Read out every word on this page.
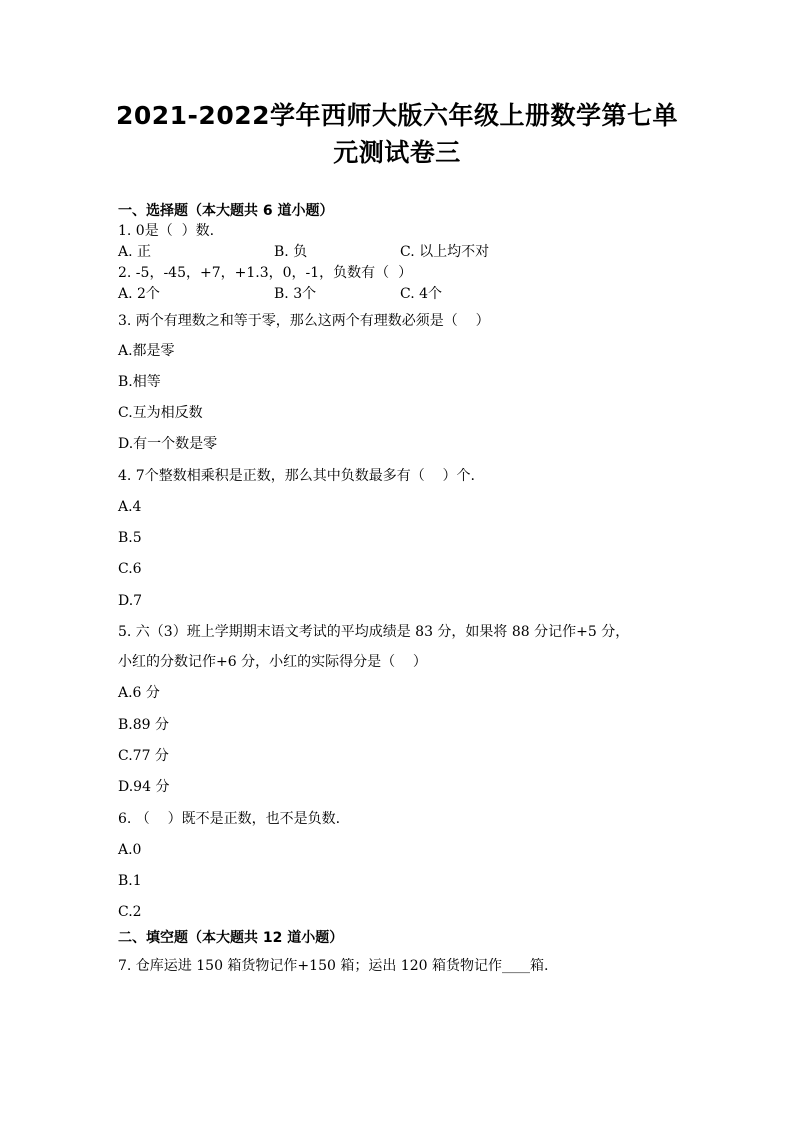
2021-2022学年西师大版六年级上册数学第七单
元测试卷三
一、选择题（本大题共 6 道小题）
1. 0是（  ）数.
A. 正	B. 负	C. 以上均不对
2. -5，-45，+7，+1.3，0，-1，负数有（  ）
A. 2个	B. 3个	C. 4个
3. 两个有理数之和等于零，那么这两个有理数必须是（    ）
A.都是零
B.相等
C.互为相反数
D.有一个数是零
4. 7个整数相乘积是正数，那么其中负数最多有（    ）个.
A.4
B.5
C.6
D.7
5. 六（3）班上学期期末语文考试的平均成绩是 83 分，如果将 88 分记作+5 分，
小红的分数记作+6 分，小红的实际得分是（    ）
A.6 分
B.89 分
C.77 分
D.94 分
6. （    ）既不是正数，也不是负数.
A.0
B.1
C.2
二、填空题（本大题共 12 道小题）
7. 仓库运进 150 箱货物记作+150 箱；运出 120 箱货物记作____箱.
